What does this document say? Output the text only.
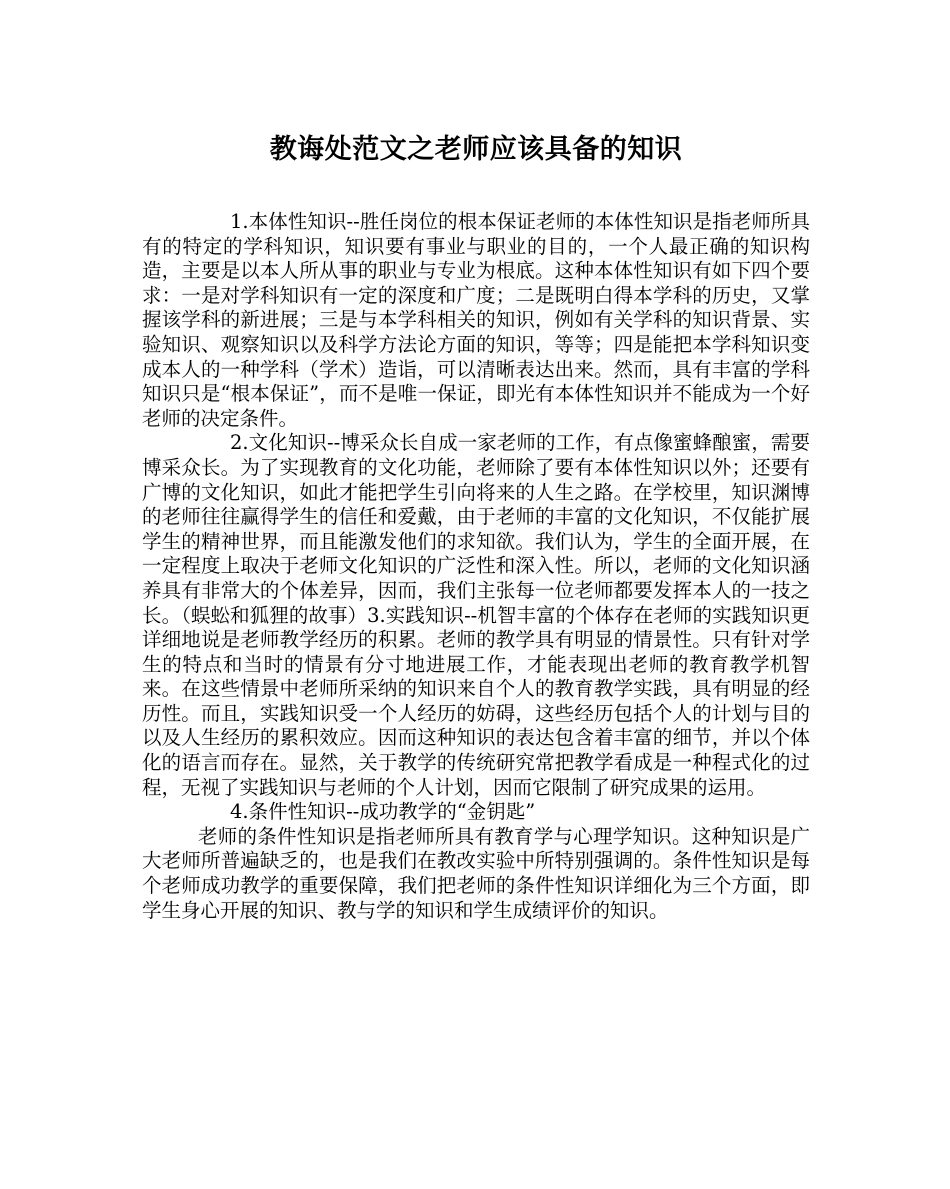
教诲处范文之老师应该具备的知识

1.本体性知识--胜任岗位的根本保证老师的本体性知识是指老师所具有的特定的学科知识，知识要有事业与职业的目的，一个人最正确的知识构造，主要是以本人所从事的职业与专业为根底。这种本体性知识有如下四个要求：一是对学科知识有一定的深度和广度；二是既明白得本学科的历史，又掌握该学科的新进展；三是与本学科相关的知识，例如有关学科的知识背景、实验知识、观察知识以及科学方法论方面的知识，等等；四是能把本学科知识变成本人的一种学科（学术）造诣，可以清晰表达出来。然而，具有丰富的学科知识只是“根本保证”，而不是唯一保证，即光有本体性知识并不能成为一个好老师的决定条件。

2.文化知识--博采众长自成一家老师的工作，有点像蜜蜂酿蜜，需要博采众长。为了实现教育的文化功能，老师除了要有本体性知识以外；还要有广博的文化知识，如此才能把学生引向将来的人生之路。在学校里，知识渊博的老师往往赢得学生的信任和爱戴，由于老师的丰富的文化知识，不仅能扩展学生的精神世界，而且能激发他们的求知欲。我们认为，学生的全面开展，在一定程度上取决于老师文化知识的广泛性和深入性。所以，老师的文化知识涵养具有非常大的个体差异，因而，我们主张每一位老师都要发挥本人的一技之长。（蜈蚣和狐狸的故事）3.实践知识--机智丰富的个体存在老师的实践知识更详细地说是老师教学经历的积累。老师的教学具有明显的情景性。只有针对学生的特点和当时的情景有分寸地进展工作，才能表现出老师的教育教学机智来。在这些情景中老师所采纳的知识来自个人的教育教学实践，具有明显的经历性。而且，实践知识受一个人经历的妨碍，这些经历包括个人的计划与目的以及人生经历的累积效应。因而这种知识的表达包含着丰富的细节，并以个体化的语言而存在。显然，关于教学的传统研究常把教学看成是一种程式化的过程，无视了实践知识与老师的个人计划，因而它限制了研究成果的运用。

4.条件性知识--成功教学的“金钥匙”

老师的条件性知识是指老师所具有教育学与心理学知识。这种知识是广大老师所普遍缺乏的，也是我们在教改实验中所特别强调的。条件性知识是每个老师成功教学的重要保障，我们把老师的条件性知识详细化为三个方面，即学生身心开展的知识、教与学的知识和学生成绩评价的知识。
